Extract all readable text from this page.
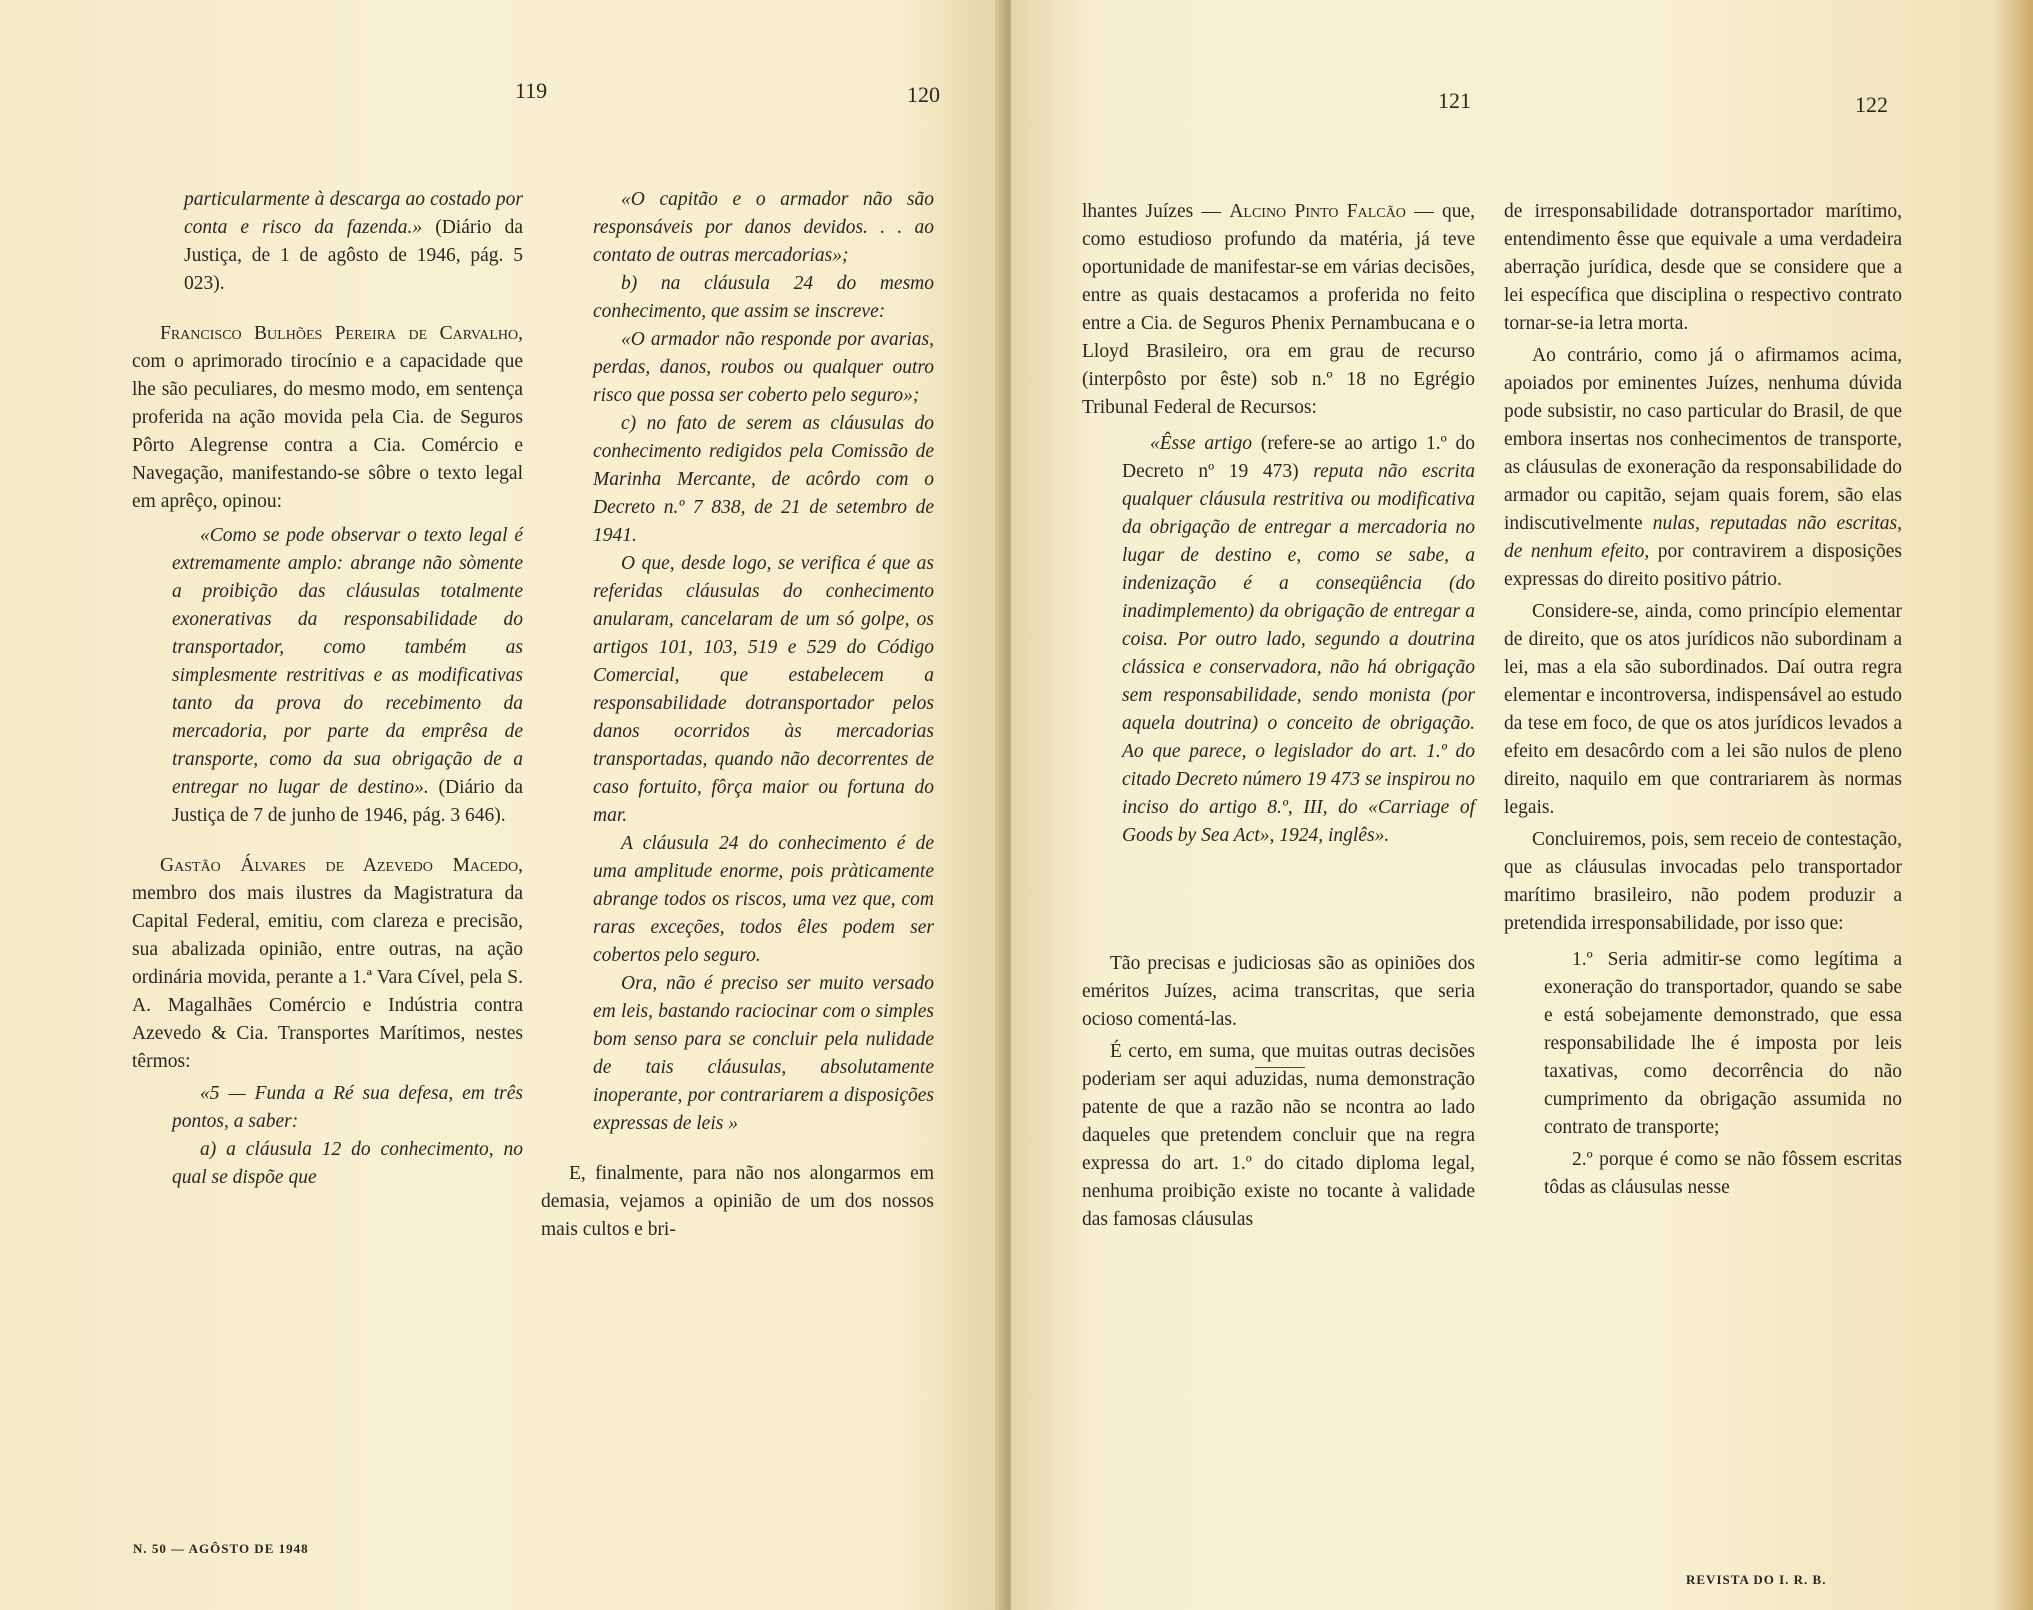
119	120

particularmente à descarga ao costado por conta e risco da fazenda.» (Diário da Justiça, de 1 de agôsto de 1946, pág. 5 023).

Francisco Bulhões Pereira de Carvalho, com o aprimorado tirocínio e a capacidade que lhe são peculiares, do mesmo modo, em sentença proferida na ação movida pela Cia. de Seguros Pôrto Alegrense contra a Cia. Comércio e Navegação, manifestando-se sôbre o texto legal em aprêço, opinou:

«Como se pode observar o texto legal é extremamente amplo: abrange não sòmente a proibição das cláusulas totalmente exonerativas da responsabilidade do transportador, como também as simplesmente restritivas e as modificativas tanto da prova do recebimento da mercadoria, por parte da emprêsa de transporte, como da sua obrigação de a entregar no lugar de destino». (Diário da Justiça de 7 de junho de 1946, pág. 3 646).

Gastão Álvares de Azevedo Macedo, membro dos mais ilustres da Magistratura da Capital Federal, emitiu, com clareza e precisão, sua abalizada opinião, entre outras, na ação ordinária movida, perante a 1.ª Vara Cível, pela S. A. Magalhães Comércio e Indústria contra Azevedo & Cia. Transportes Marítimos, nestes têrmos:

«5 — Funda a Ré sua defesa, em três pontos, a saber:

a) a cláusula 12 do conhecimento, no qual se dispõe que

«O capitão e o armador não são responsáveis por danos devidos. . . ao contato de outras mercadorias»;

b) na cláusula 24 do mesmo conhecimento, que assim se inscreve:

«O armador não responde por avarias, perdas, danos, roubos ou qualquer outro risco que possa ser coberto pelo seguro»;

c) no fato de serem as cláusulas do conhecimento redigidos pela Comissão de Marinha Mercante, de acôrdo com o Decreto n.º 7 838, de 21 de setembro de 1941.

O que, desde logo, se verifica é que as referidas cláusulas do conhecimento anularam, cancelaram de um só golpe, os artigos 101, 103, 519 e 529 do Código Comercial, que estabelecem a responsabilidade dotransportador pelos danos ocorridos às mercadorias transportadas, quando não decorrentes de caso fortuito, fôrça maior ou fortuna do mar.

A cláusula 24 do conhecimento é de uma amplitude enorme, pois pràticamente abrange todos os riscos, uma vez que, com raras exceções, todos êles podem ser cobertos pelo seguro.

Ora, não é preciso ser muito versado em leis, bastando raciocinar com o simples bom senso para se concluir pela nulidade de tais cláusulas, absolutamente inoperante, por contrariarem a disposições expressas de leis »

E, finalmente, para não nos alongarmos em demasia, vejamos a opinião de um dos nossos mais cultos e bri-

N. 50 — AGÔSTO DE 1948
121	122

lhantes Juízes — Alcino Pinto Falcão — que, como estudioso profundo da matéria, já teve oportunidade de manifestar-se em várias decisões, entre as quais destacamos a proferida no feito entre a Cia. de Seguros Phenix Pernambucana e o Lloyd Brasileiro, ora em grau de recurso (interpôsto por êste) sob n.º 18 no Egrégio Tribunal Federal de Recursos:

«Êsse artigo (refere-se ao artigo 1.º do Decreto nº 19 473) reputa não escrita qualquer cláusula restritiva ou modificativa da obrigação de entregar a mercadoria no lugar de destino e, como se sabe, a indenização é a conseqüência (do inadimplemento) da obrigação de entregar a coisa. Por outro lado, segundo a doutrina clássica e conservadora, não há obrigação sem responsabilidade, sendo monista (por aquela doutrina) o conceito de obrigação. Ao que parece, o legislador do art. 1.º do citado Decreto número 19 473 se inspirou no inciso do artigo 8.º, III, do «Carriage of Goods by Sea Act», 1924, inglês».

Tão precisas e judiciosas são as opiniões dos eméritos Juízes, acima transcritas, que seria ocioso comentá-las.

É certo, em suma, que muitas outras decisões poderiam ser aqui aduzidas, numa demonstração patente de que a razão não se ncontra ao lado daqueles que pretendem concluir que na regra expressa do art. 1.º do citado diploma legal, nenhuma proibição existe no tocante à validade das famosas cláusulas

de irresponsabilidade dotransportador marítimo, entendimento êsse que equivale a uma verdadeira aberração jurídica, desde que se considere que a lei específica que disciplina o respectivo contrato tornar-se-ia letra morta.

Ao contrário, como já o afirmamos acima, apoiados por eminentes Juízes, nenhuma dúvida pode subsistir, no caso particular do Brasil, de que embora insertas nos conhecimentos de transporte, as cláusulas de exoneração da responsabilidade do armador ou capitão, sejam quais forem, são elas indiscutivelmente nulas, reputadas não escritas, de nenhum efeito, por contravirem a disposições expressas do direito positivo pátrio.

Considere-se, ainda, como princípio elementar de direito, que os atos jurídicos não subordinam a lei, mas a ela são subordinados. Daí outra regra elementar e incontroversa, indispensável ao estudo da tese em foco, de que os atos jurídicos levados a efeito em desacôrdo com a lei são nulos de pleno direito, naquilo em que contrariarem às normas legais.

Concluiremos, pois, sem receio de contestação, que as cláusulas invocadas pelo transportador marítimo brasileiro, não podem produzir a pretendida irresponsabilidade, por isso que:

1.º Seria admitir-se como legítima a exoneração do transportador, quando se sabe e está sobejamente demonstrado, que essa responsabilidade lhe é imposta por leis taxativas, como decorrência do não cumprimento da obrigação assumida no contrato de transporte;

2.º porque é como se não fôssem escritas tôdas as cláusulas nesse

REVISTA DO I. R. B.
